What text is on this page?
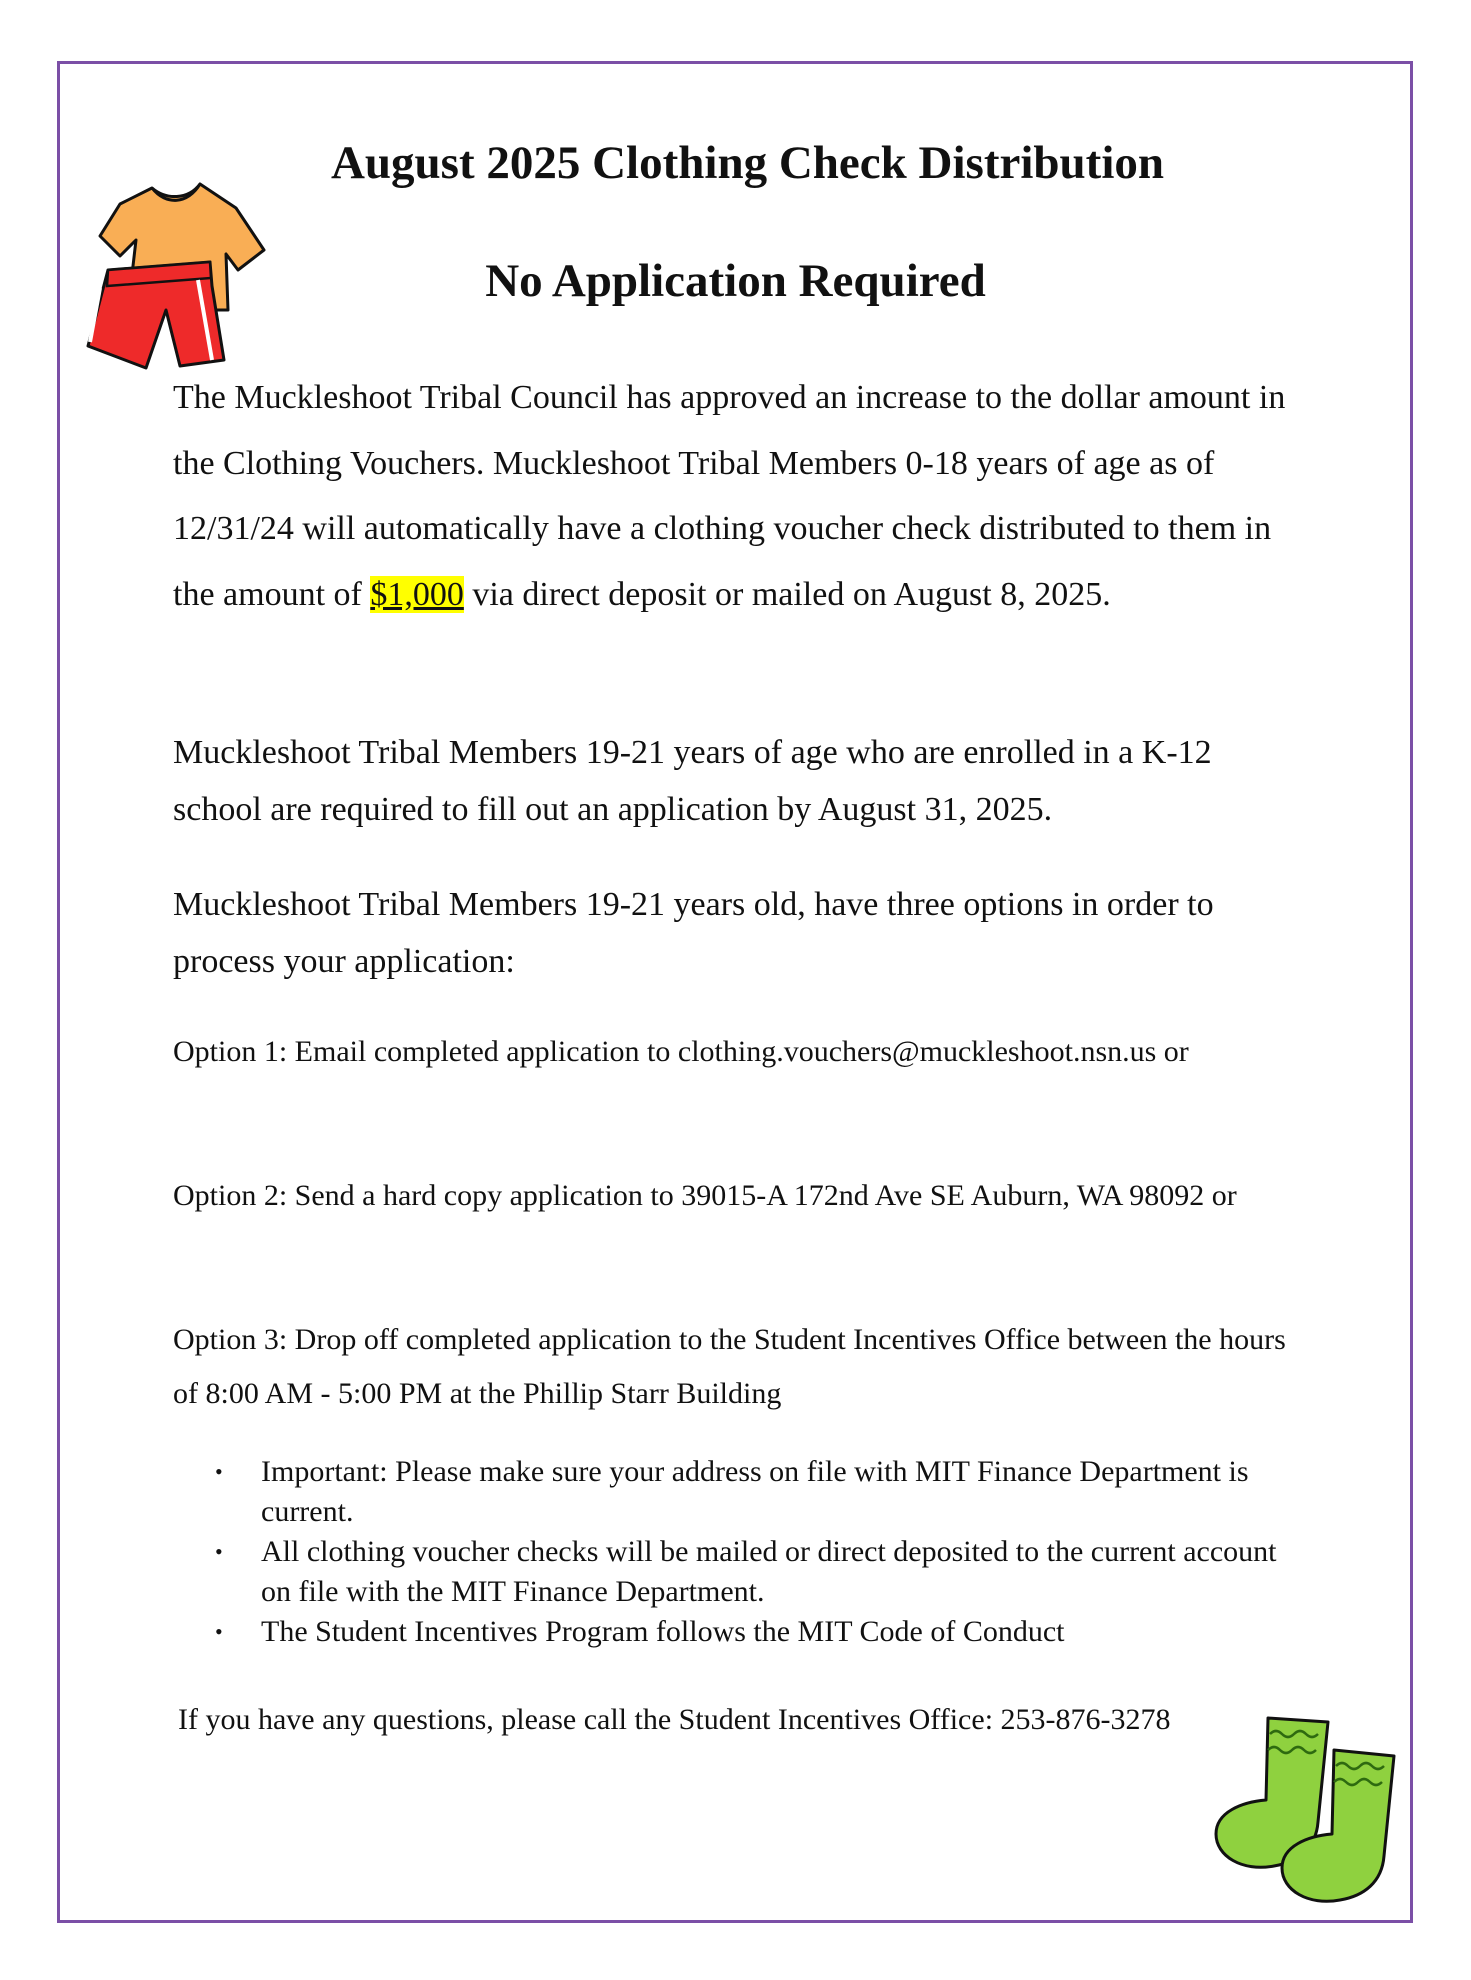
August 2025 Clothing Check Distribution
No Application Required

The Muckleshoot Tribal Council has approved an increase to the dollar amount in the Clothing Vouchers. Muckleshoot Tribal Members 0-18 years of age as of 12/31/24 will automatically have a clothing voucher check distributed to them in the amount of $1,000 via direct deposit or mailed on August 8, 2025.

Muckleshoot Tribal Members 19-21 years of age who are enrolled in a K-12 school are required to fill out an application by August 31, 2025.

Muckleshoot Tribal Members 19-21 years old, have three options in order to process your application:

Option 1: Email completed application to clothing.vouchers@muckleshoot.nsn.us or

Option 2: Send a hard copy application to 39015-A 172nd Ave SE Auburn, WA 98092 or

Option 3: Drop off completed application to the Student Incentives Office between the hours of 8:00 AM - 5:00 PM at the Phillip Starr Building

• Important: Please make sure your address on file with MIT Finance Department is current.
• All clothing voucher checks will be mailed or direct deposited to the current account on file with the MIT Finance Department.
• The Student Incentives Program follows the MIT Code of Conduct

If you have any questions, please call the Student Incentives Office: 253-876-3278
